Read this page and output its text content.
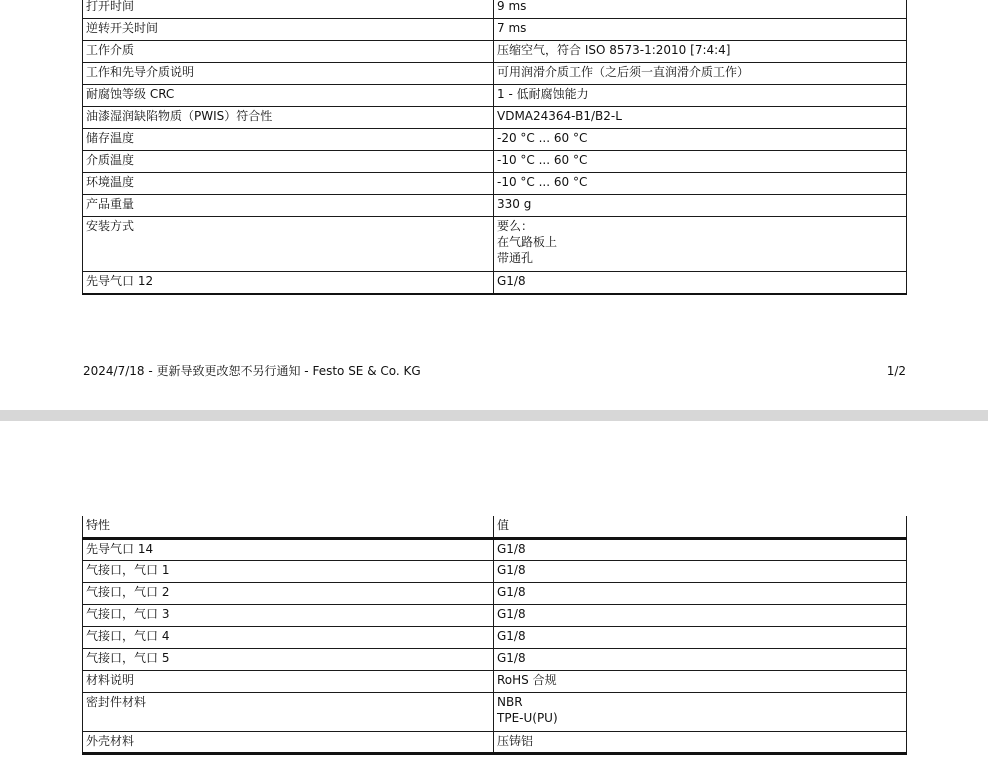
打开时间	9 ms

逆转开关时间	7 ms

工作介质	压缩空气，符合 ISO 8573-1:2010 [7:4:4]

工作和先导介质说明	可用润滑介质工作（之后须一直润滑介质工作）

耐腐蚀等级 CRC	1 - 低耐腐蚀能力

油漆湿润缺陷物质（PWIS）符合性	VDMA24364-B1/B2-L

储存温度	-20 °C ... 60 °C

介质温度	-10 °C ... 60 °C

环境温度	-10 °C ... 60 °C

产品重量	330 g

安装方式	要么：
在气路板上
带通孔

先导气口 12	G1/8
2024/7/18 - 更新导致更改恕不另行通知 - Festo SE & Co. KG	1/2
特性	值
先导气口 14	G1/8

气接口，气口 1	G1/8

气接口，气口 2	G1/8

气接口，气口 3	G1/8

气接口，气口 4	G1/8

气接口，气口 5	G1/8

材料说明	RoHS 合规

密封件材料	NBR
TPE-U(PU)

外壳材料	压铸铝
